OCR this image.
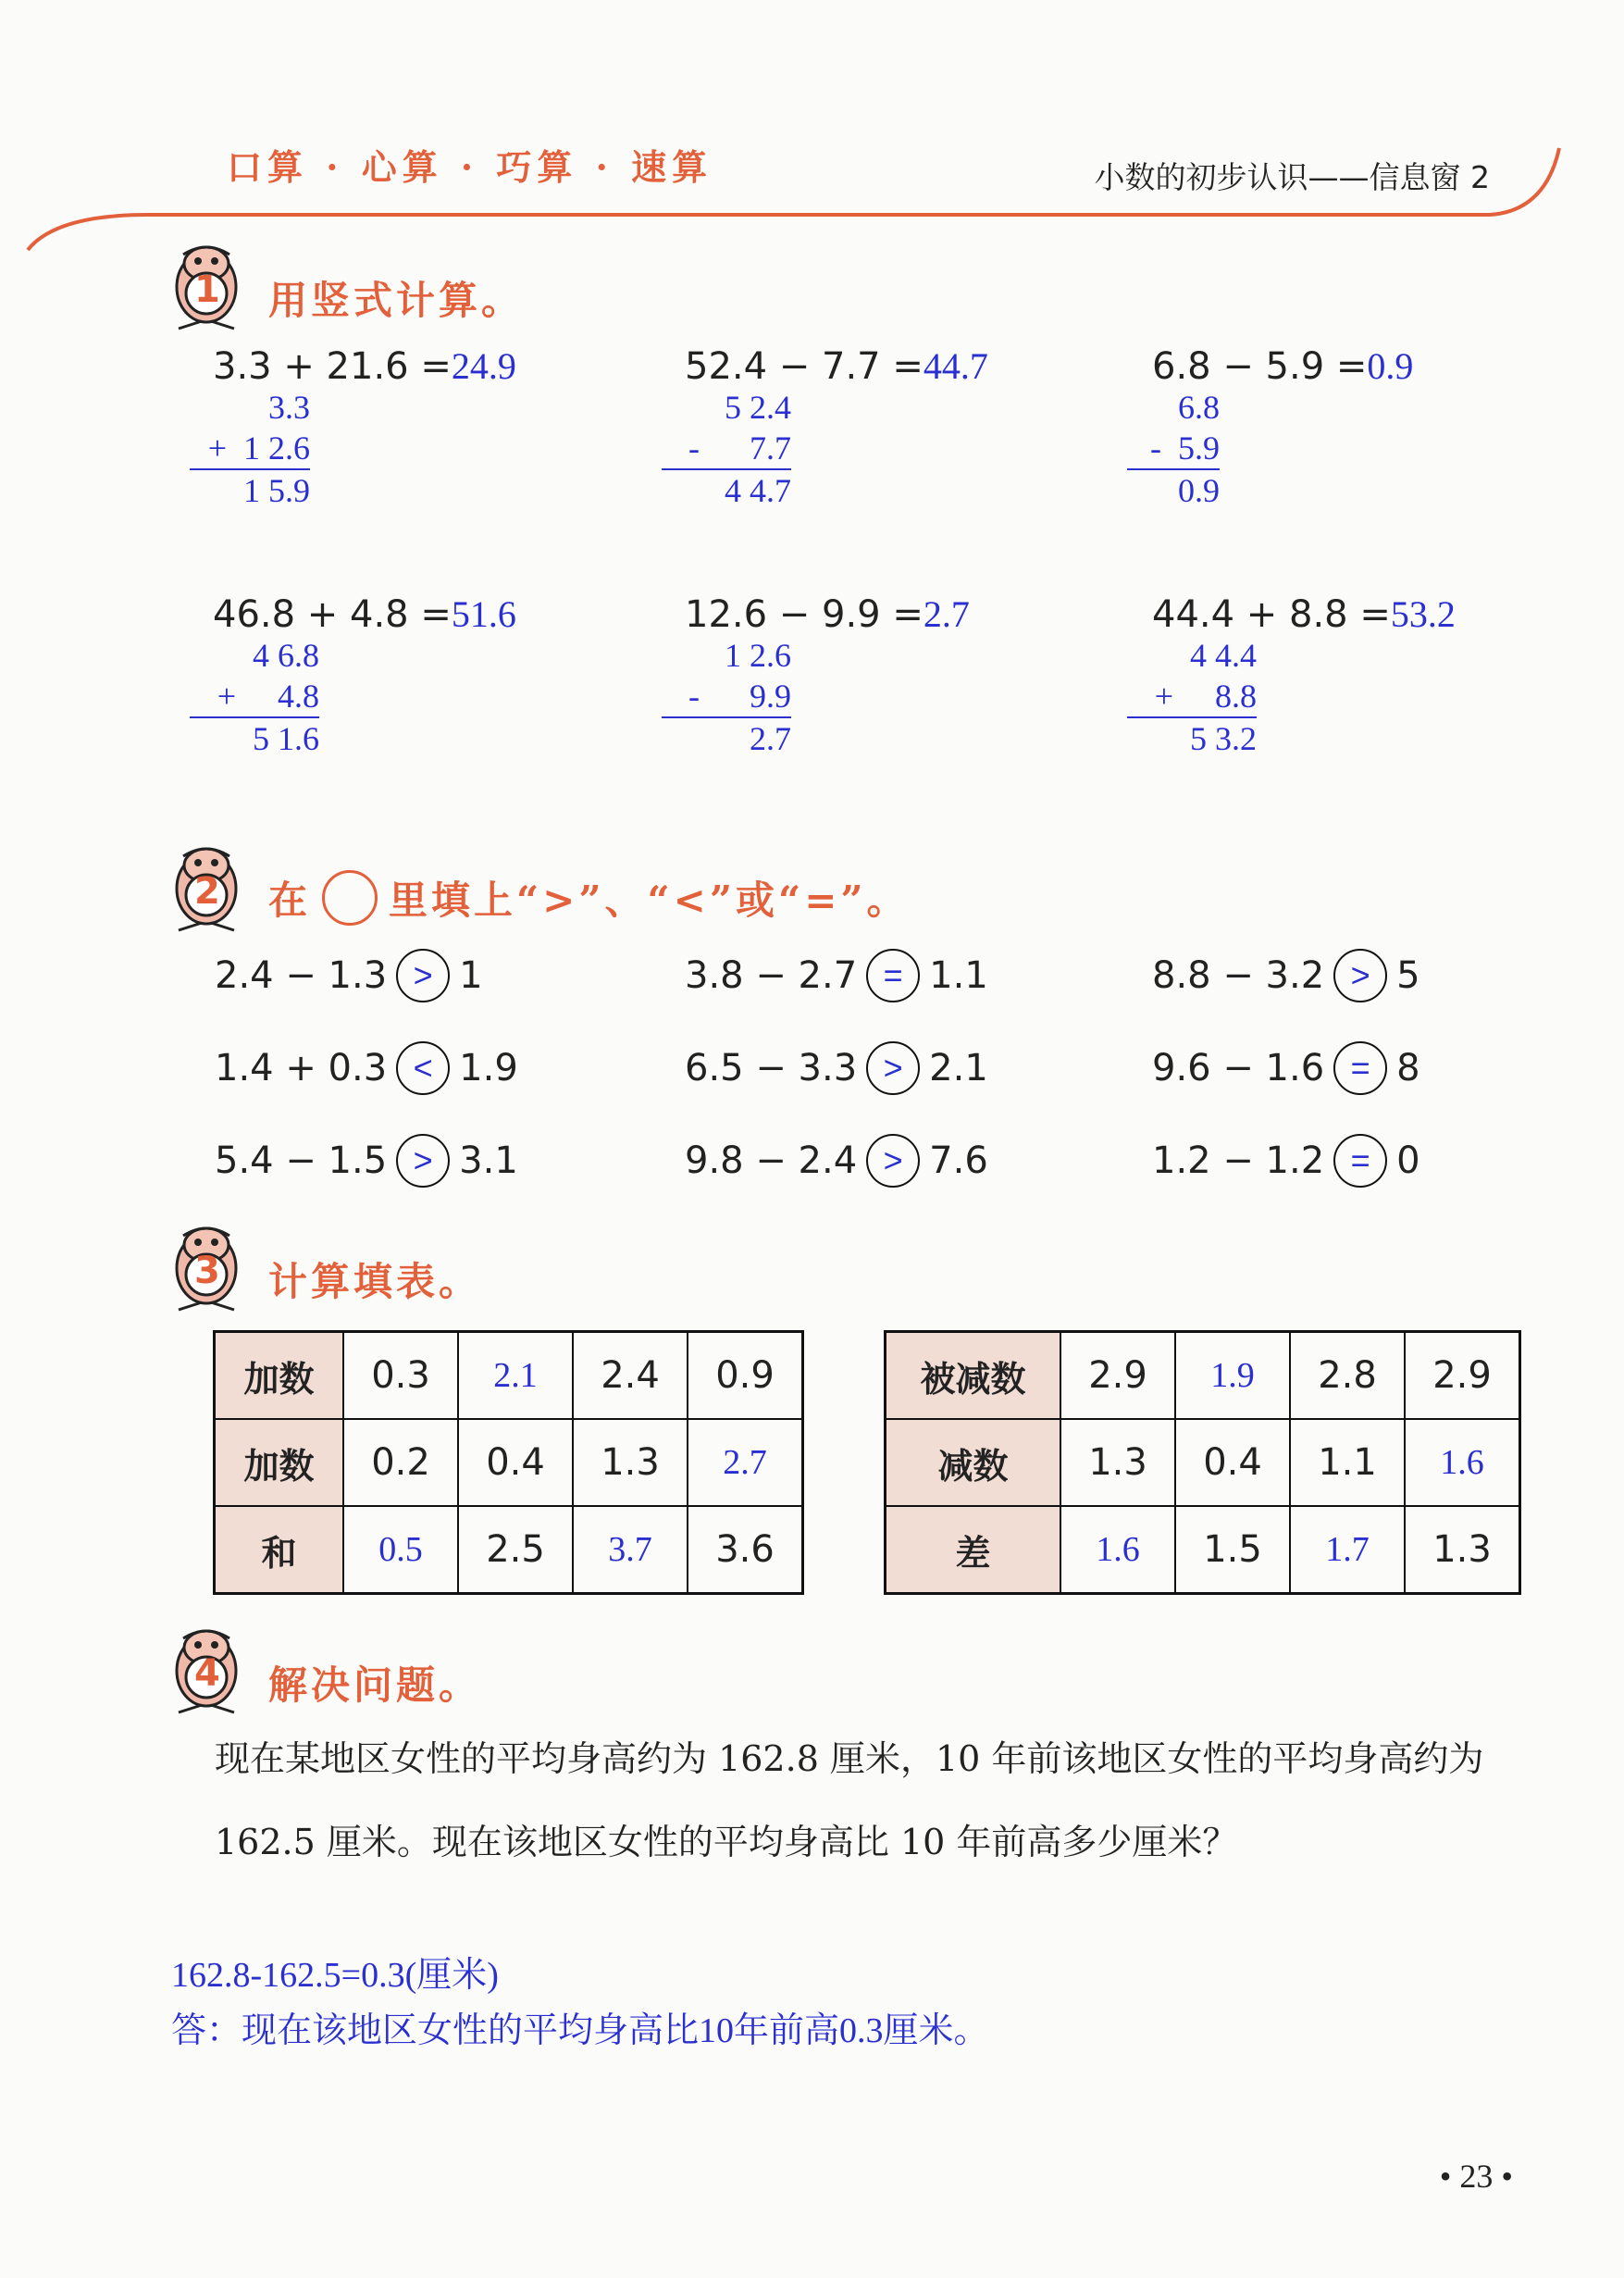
口算 · 心算 · 巧算 · 速算	小数的初步认识——信息窗 2
1 用竖式计算。
3.3 + 21.6 =24.9
3.3
+  1 2.6
1 5.9
52.4 − 7.7 =44.7
5 2.4
-      7.7
4 4.7
6.8 − 5.9 =0.9
6.8
-  5.9
0.9
46.8 + 4.8 =51.6
4 6.8
+     4.8
5 1.6
12.6 − 9.9 =2.7
1 2.6
-      9.9
2.7
44.4 + 8.8 =53.2
4 4.4
+     8.8
5 3.2
2 在 里填上“>”、“<”或“=”。
2.4 − 1.3 > 1	3.8 − 2.7 = 1.1	8.8 − 3.2 > 5
1.4 + 0.3 < 1.9	6.5 − 3.3 > 2.1	9.6 − 1.6 = 8
5.4 − 1.5 > 3.1	9.8 − 2.4 > 7.6	1.2 − 1.2 = 0
3 计算填表。
加数	0.3	2.1	2.4	0.9
加数	0.2	0.4	1.3	2.7
和	0.5	2.5	3.7	3.6
被减数	2.9	1.9	2.8	2.9
减数	1.3	0.4	1.1	1.6
差	1.6	1.5	1.7	1.3
4 解决问题。
现在某地区女性的平均身高约为 162.8 厘米，10 年前该地区女性的平均身高约为 162.5 厘米。现在该地区女性的平均身高比 10 年前高多少厘米？
162.8-162.5=0.3(厘米)
答：现在该地区女性的平均身高比10年前高0.3厘米。
• 23 •
